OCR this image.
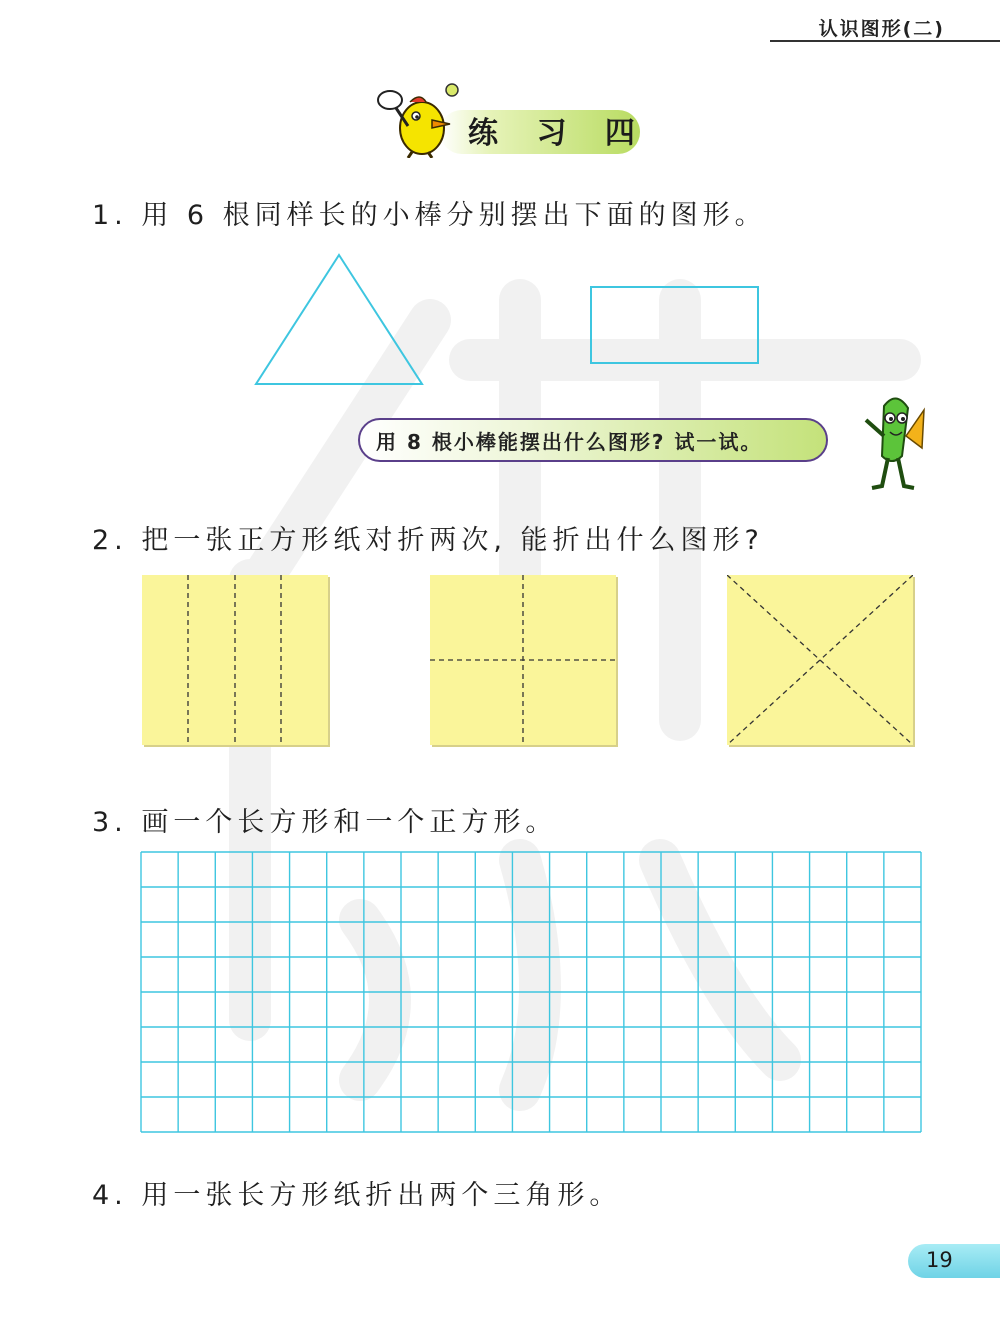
认识图形(二)
练 习 四
1. 用 6 根同样长的小棒分别摆出下面的图形。
用 8 根小棒能摆出什么图形? 试一试。
2. 把一张正方形纸对折两次, 能折出什么图形?
3. 画一个长方形和一个正方形。
4. 用一张长方形纸折出两个三角形。
19
